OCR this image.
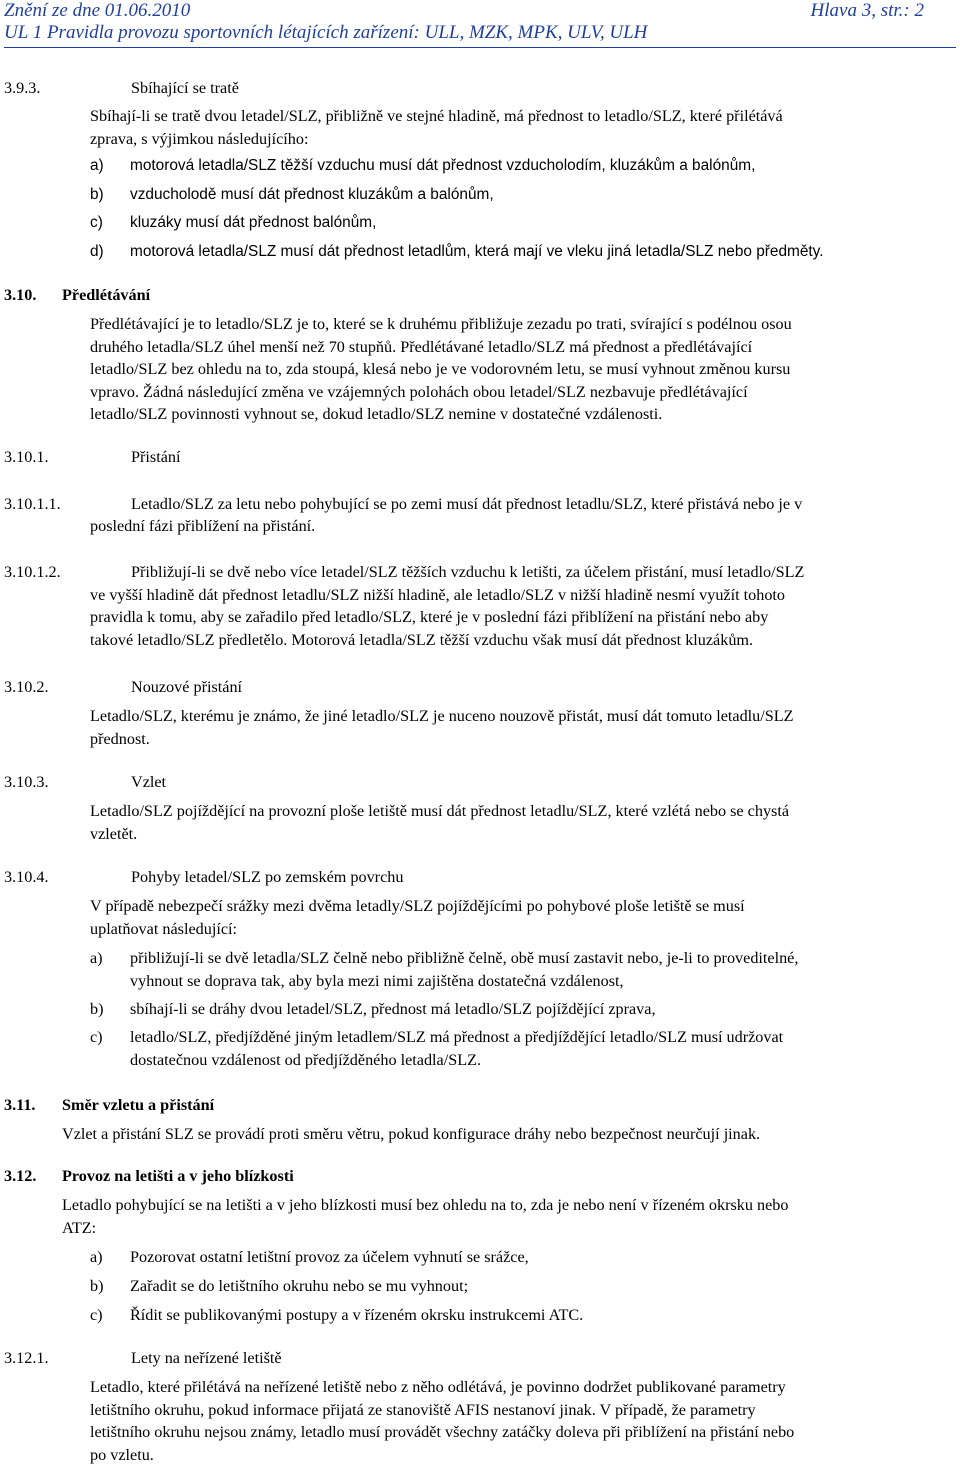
Znění ze dne 01.06.2010	Hlava 3, str.: 2
UL 1 Pravidla provozu sportovních létajících zařízení: ULL, MZK, MPK, ULV, ULH
3.9.3.	Sbíhající se tratě
Sbíhají-li se tratě dvou letadel/SLZ, přibližně ve stejné hladině, má přednost to letadlo/SLZ, které přilétává
zprava, s výjimkou následujícího:
a) motorová letadla/SLZ těžší vzduchu musí dát přednost vzducholodím, kluzákům a balónům,
b) vzducholodě musí dát přednost kluzákům a balónům,
c) kluzáky musí dát přednost balónům,
d) motorová letadla/SLZ musí dát přednost letadlům, která mají ve vleku jiná letadla/SLZ nebo předměty.
3.10. Předlétávání
Předlétávající je to letadlo/SLZ je to, které se k druhému přibližuje zezadu po trati, svírající s podélnou osou
druhého letadla/SLZ úhel menší než 70 stupňů. Předlétávané letadlo/SLZ má přednost a předlétávající
letadlo/SLZ bez ohledu na to, zda stoupá, klesá nebo je ve vodorovném letu, se musí vyhnout změnou kursu
vpravo. Žádná následující změna ve vzájemných polohách obou letadel/SLZ nezbavuje předlétávající
letadlo/SLZ povinnosti vyhnout se, dokud letadlo/SLZ nemine v dostatečné vzdálenosti.
3.10.1.	Přistání
3.10.1.1.	Letadlo/SLZ za letu nebo pohybující se po zemi musí dát přednost letadlu/SLZ, které přistává nebo je v
poslední fázi přiblížení na přistání.
3.10.1.2.	Přibližují-li se dvě nebo více letadel/SLZ těžších vzduchu k letišti, za účelem přistání, musí letadlo/SLZ
ve vyšší hladině dát přednost letadlu/SLZ nižší hladině, ale letadlo/SLZ v nižší hladině nesmí využít tohoto
pravidla k tomu, aby se zařadilo před letadlo/SLZ, které je v poslední fázi přiblížení na přistání nebo aby
takové letadlo/SLZ předletělo. Motorová letadla/SLZ těžší vzduchu však musí dát přednost kluzákům.
3.10.2.	Nouzové přistání
Letadlo/SLZ, kterému je známo, že jiné letadlo/SLZ je nuceno nouzově přistát, musí dát tomuto letadlu/SLZ
přednost.
3.10.3.	Vzlet
Letadlo/SLZ pojíždějící na provozní ploše letiště musí dát přednost letadlu/SLZ, které vzlétá nebo se chystá
vzletět.
3.10.4.	Pohyby letadel/SLZ po zemském povrchu
V případě nebezpečí srážky mezi dvěma letadly/SLZ pojíždějícími po pohybové ploše letiště se musí
uplatňovat následující:
a) přibližují-li se dvě letadla/SLZ čelně nebo přibližně čelně, obě musí zastavit nebo, je-li to proveditelné,
vyhnout se doprava tak, aby byla mezi nimi zajištěna dostatečná vzdálenost,
b) sbíhají-li se dráhy dvou letadel/SLZ, přednost má letadlo/SLZ pojíždějící zprava,
c) letadlo/SLZ, předjížděné jiným letadlem/SLZ má přednost a předjíždějící letadlo/SLZ musí udržovat
dostatečnou vzdálenost od předjížděného letadla/SLZ.
3.11. Směr vzletu a přistání
Vzlet a přistání SLZ se provádí proti směru větru, pokud konfigurace dráhy nebo bezpečnost neurčují jinak.
3.12. Provoz na letišti a v jeho blízkosti
Letadlo pohybující se na letišti a v jeho blízkosti musí bez ohledu na to, zda je nebo není v řízeném okrsku nebo
ATZ:
a) Pozorovat ostatní letištní provoz za účelem vyhnutí se srážce,
b) Zařadit se do letištního okruhu nebo se mu vyhnout;
c) Řídit se publikovanými postupy a v řízeném okrsku instrukcemi ATC.
3.12.1.	Lety na neřízené letiště
Letadlo, které přilétává na neřízené letiště nebo z něho odlétává, je povinno dodržet publikované parametry
letištního okruhu, pokud informace přijatá ze stanoviště AFIS nestanoví jinak. V případě, že parametry
letištního okruhu nejsou známy, letadlo musí provádět všechny zatáčky doleva při přiblížení na přistání nebo
po vzletu.
